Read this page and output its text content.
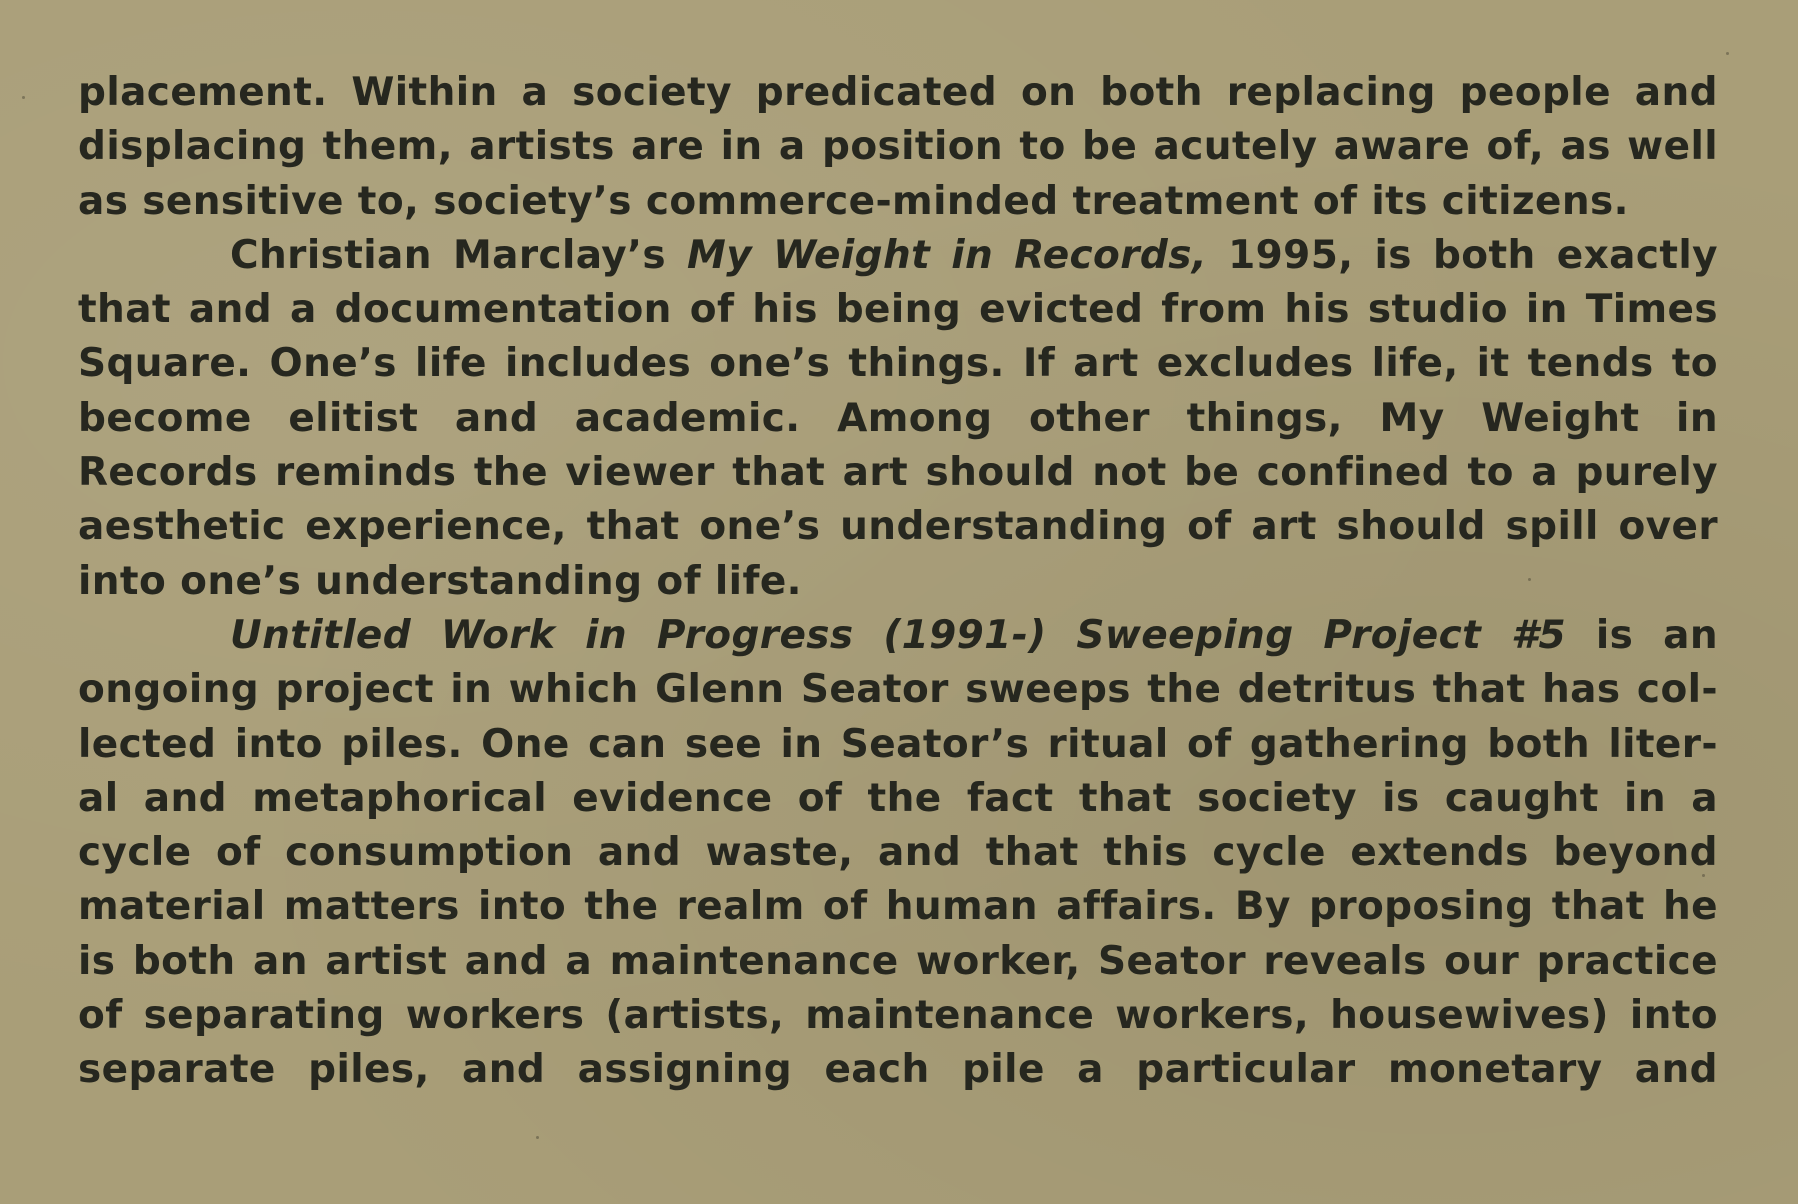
placement. Within a society predicated on both replacing people and
displacing them, artists are in a position to be acutely aware of, as well
as sensitive to, society’s commerce-minded treatment of its citizens.
Christian Marclay’s My Weight in Records, 1995, is both exactly
that and a documentation of his being evicted from his studio in Times
Square. One’s life includes one’s things. If art excludes life, it tends to
become elitist and academic. Among other things, My Weight in
Records reminds the viewer that art should not be confined to a purely
aesthetic experience, that one’s understanding of art should spill over
into one’s understanding of life.
Untitled Work in Progress (1991-) Sweeping Project #5 is an
ongoing project in which Glenn Seator sweeps the detritus that has col-
lected into piles. One can see in Seator’s ritual of gathering both liter-
al and metaphorical evidence of the fact that society is caught in a
cycle of consumption and waste, and that this cycle extends beyond
material matters into the realm of human affairs. By proposing that he
is both an artist and a maintenance worker, Seator reveals our practice
of separating workers (artists, maintenance workers, housewives) into
separate piles, and assigning each pile a particular monetary and
